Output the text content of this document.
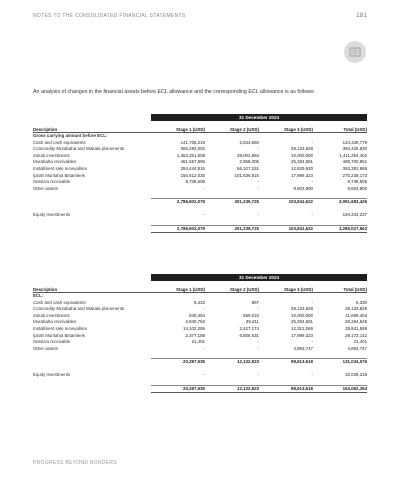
NOTES TO THE CONSOLIDATED FINANCIAL STATEMENTS	181
An analysis of changes in the financial assets before ECL allowance and the corresponding ECL allowance is as follows:
	31 December 2024			
Description	Stage 1 (USD)	Stage 2 (USD)	Stage 3 (USD)	Total (USD)
Gross carrying amount before ECL:				
Cash and cash equivalents	141,705,219	2,634,560	-	144,339,779
Commodity Murabaha and Wakala placements	366,292,002	-	28,133,828	394,425,830
Sukuk investments	1,363,251,508	38,002,894	10,000,000	1,411,254,402
Murabaha receivables	461,557,895	2,858,305	25,284,651	489,700,851
Installment sale receivables	294,444,915	56,107,151	12,829,920	363,381,986
Ijarah Muntahia Bittamleek	150,612,035	101,636,815	17,989,323	270,238,173
Istisna'a receivable	8,738,505	-	-	8,738,505
Other assets	-	-	9,603,900	9,603,900

	2,786,602,079	201,239,725	103,841,622	3,091,683,426

Equity Investments	-	-	-	194,344,237

	2,786,602,079	201,239,725	103,841,622	3,286,027,663
	31 December 2024			
Description	Stage 1 (USD)	Stage 2 (USD)	Stage 3 (USD)	Total (USD)
ECL:				
Cash and cash equivalents	5,433	897	-	6,330
Commodity Murabaha and Wakala placements	-	-	28,133,828	28,133,828
Sukuk investments	840,394	859,010	10,000,000	11,699,404
Murabaha receivables	2,940,763	39,211	25,284,651	28,264,625
Installment sale receivables	14,102,256	2,427,174	12,312,069	28,841,599
Ijarah Muntahia Bittamleek	2,377,188	6,806,631	17,989,323	29,173,142
Istisna'a receivable	21,401	-	-	21,401
Other assets	-	-	4,893,747	4,893,747

	20,287,535	12,132,923	98,613,618	131,034,076

Equity Investments	-	-	-	32,028,318

	20,287,535	12,132,923	98,613,618	163,062,394
PROGRESS BEYOND BORDERS
